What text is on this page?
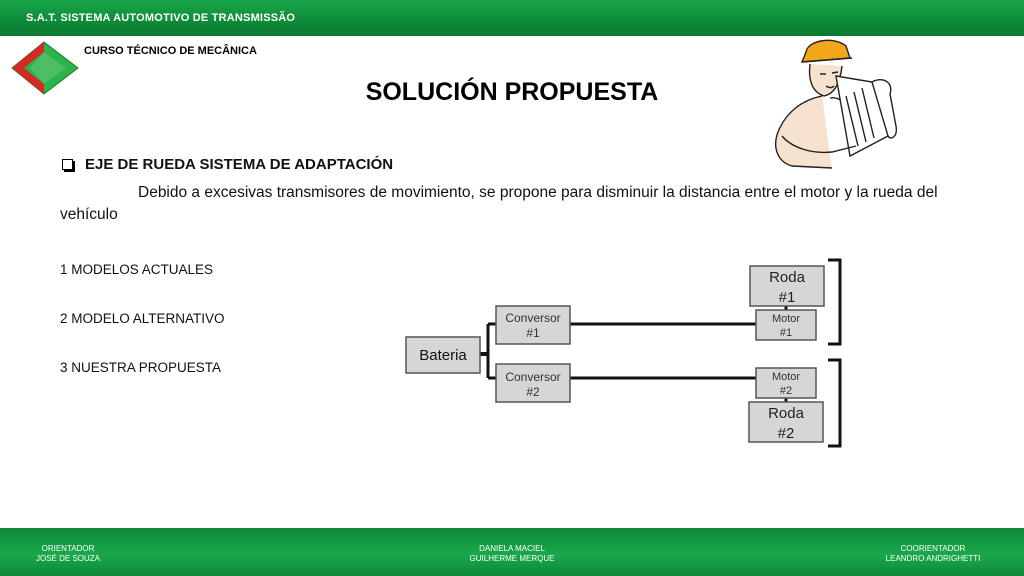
S.A.T. SISTEMA AUTOMOTIVO DE TRANSMISSÃO
CURSO TÉCNICO DE MECÂNICA
SOLUCIÓN PROPUESTA
EJE DE RUEDA SISTEMA DE ADAPTACIÓN
Debido a excesivas transmisores de movimiento, se propone para disminuir la distancia entre el motor y la rueda del vehículo
1 MODELOS ACTUALES
2 MODELO ALTERNATIVO
3 NUESTRA PROPUESTA
Bateria
Conversor
#1
Conversor
#2
Motor
#1
Motor
#2
Roda
#1
Roda
#2
ORIENTADOR
JOSÉ DE SOUZA
DANIELA MACIEL
GUILHERME MERQUE
COORIENTADOR
LEANDRO ANDRIGHETTI
